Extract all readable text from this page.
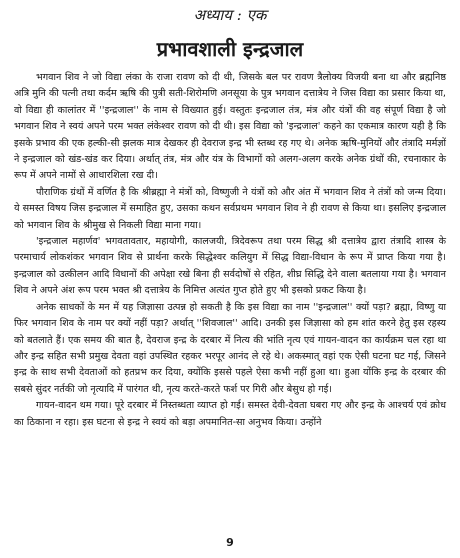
अध्याय : एक
प्रभावशाली इन्द्रजाल

भगवान शिव ने जो विद्या लंका के राजा रावण को दी थी, जिसके बल पर रावण त्रैलोक्य विजयी बना था और ब्रह्मनिष्ठ अत्रि मुनि की पत्नी तथा कर्दम ऋषि की पुत्री सती-शिरोमणि अनसूया के पुत्र भगवान दत्तात्रेय ने जिस विद्या का प्रसार किया था, वो विद्या ही कालांतर में ''इन्द्रजाल'' के नाम से विख्यात हुई। वस्तुतः इन्द्रजाल तंत्र, मंत्र और यंत्रों की वह संपूर्ण विद्या है जो भगवान शिव ने स्वयं अपने परम भक्त लंकेश्वर रावण को दी थी। इस विद्या को 'इन्द्रजाल' कहने का एकमात्र कारण यही है कि इसके प्रभाव की एक हल्की-सी झलक मात्र देखकर ही देवराज इन्द्र भी स्तब्ध रह गए थे। अनेक ऋषि-मुनियों और तंत्रादि मर्मज्ञों ने इन्द्रजाल को खंड-खंड कर दिया। अर्थात् तंत्र, मंत्र और यंत्र के विभागों को अलग-अलग करके अनेक ग्रंथों की, रचनाकार के रूप में अपने नामों से आधारशिला रख दी।

पौराणिक ग्रंथों में वर्णित है कि श्रीब्रह्मा ने मंत्रों को, विष्णुजी ने यंत्रों को और अंत में भगवान शिव ने तंत्रों को जन्म दिया। ये समस्त विषय जिस इन्द्रजाल में समाहित हुए, उसका कथन सर्वप्रथम भगवान शिव ने ही रावण से किया था। इसलिए इन्द्रजाल को भगवान शिव के श्रीमुख से निकली विद्या माना गया।

'इन्द्रजाल महार्णव' भगवतावतार, महायोगी, कालजयी, त्रिदेवरूप तथा परम सिद्ध श्री दत्तात्रेय द्वारा तंत्रादि शास्त्र के परमाचार्य लोकशंकर भगवान शिव से प्रार्थना करके सिद्धेश्वर कलियुग में सिद्ध विद्या-विधान के रूप में प्राप्त किया गया है। इन्द्रजाल को उत्कीलन आदि विधानों की अपेक्षा रखे बिना ही सर्वदोषों से रहित, शीघ्र सिद्धि देने वाला बतलाया गया है। भगवान शिव ने अपने अंश रूप परम भक्त श्री दत्तात्रेय के निमित्त अत्यंत गुप्त होते हुए भी इसको प्रकट किया है।

अनेक साधकों के मन में यह जिज्ञासा उत्पन्न हो सकती है कि इस विद्या का नाम ''इन्द्रजाल'' क्यों पड़ा? ब्रह्मा, विष्णु या फिर भगवान शिव के नाम पर क्यों नहीं पड़ा? अर्थात् ''शिवजाल'' आदि। उनकी इस जिज्ञासा को हम शांत करने हेतु इस रहस्य को बतलाते हैं। एक समय की बात है, देवराज इन्द्र के दरबार में नित्य की भांति नृत्य एवं गायन-वादन का कार्यक्रम चल रहा था और इन्द्र सहित सभी प्रमुख देवता वहां उपस्थित रहकर भरपूर आनंद ले रहे थे। अकस्मात् वहां एक ऐसी घटना घट गई, जिसने इन्द्र के साथ सभी देवताओं को हतप्रभ कर दिया, क्योंकि इससे पहले ऐसा कभी नहीं हुआ था। हुआ योंकि इन्द्र के दरबार की सबसे सुंदर नर्तकी जो नृत्यादि में पारंगत थी, नृत्य करते-करते फर्श पर गिरी और बेसुध हो गई।

गायन-वादन थम गया। पूरे दरबार में निस्तब्धता व्याप्त हो गई। समस्त देवी-देवता घबरा गए और इन्द्र के आश्चर्य एवं क्रोध का ठिकाना न रहा। इस घटना से इन्द्र ने स्वयं को बड़ा अपमानित-सा अनुभव किया। उन्होंने

9
